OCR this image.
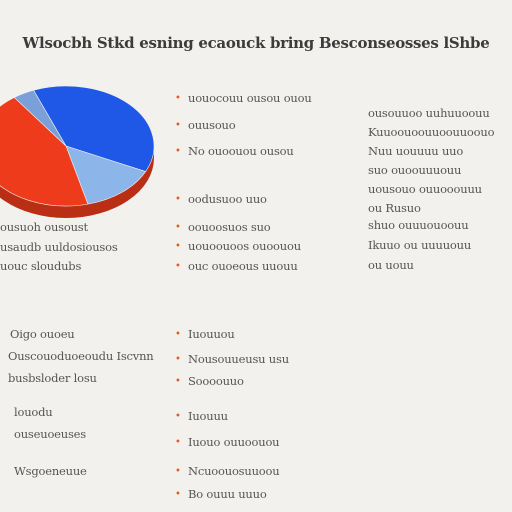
Wlsocbh Stkd esning ecaouck bring Besconseosses lShbe
ousuoh ousoust
usaudb uuldosiousos
uouc sloudubs
Oigo ouoeu
Ouscouoduoeoudu Iscvnn
busbsloder losu
louodu
ouseuoeuses
Wsgoeneuue
• uouocouu ousou ouou
• ouusouo
• No ouoouou ousou
• oodusuoo uuo
• oouoosuos suo
• uouoouoos ouoouou
• ouc ouoeous uuouu
• Iuouuou
• Nousouueusu usu
• Soooouuo
• Iuouuu
• Iuouo ouuoouou
• Ncuoouosuuoou
• Bo ouuu uuuo
ousouuoo uuhuuoouu
Kuuoouoouuoouuoouo
Nuu uouuuu uuo
suo ouoouuuouu
uousouo ouuooouuu
ou Rusuo
shuo ouuuouoouu
Ikuuo ou uuuuouu
ou uouu
